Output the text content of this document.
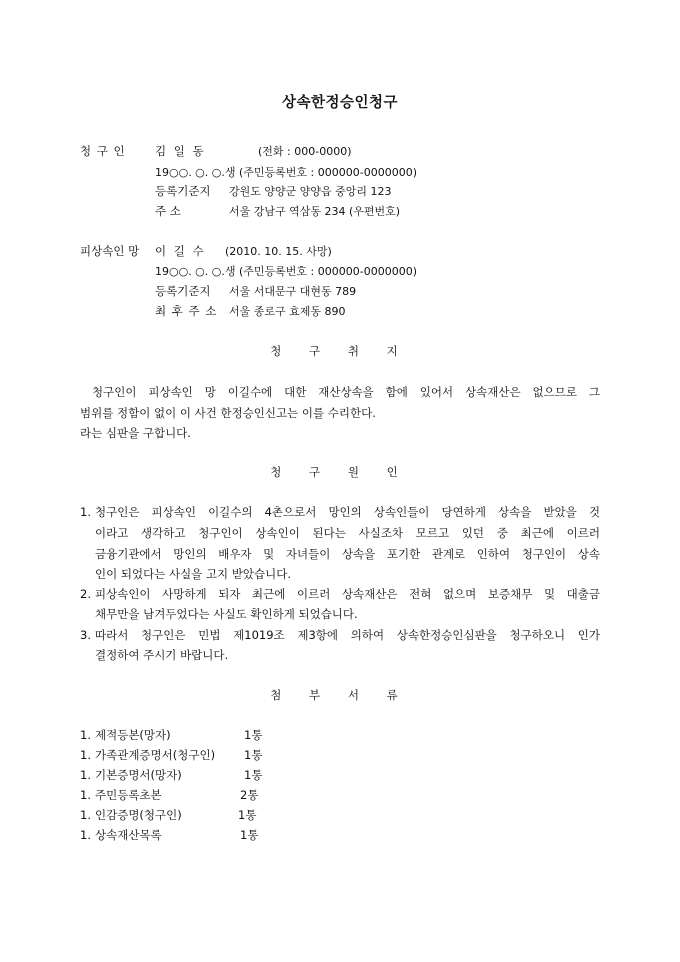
상속한정승인청구
청 구 인	김 일 동	(전화 : 000-0000)
19○○. ○. ○.생 (주민등록번호 : 000000-0000000)
등록기준지 강원도 양양군 양양읍 중앙리 123
주 소	서울 강남구 역삼동 234 (우편번호)
피상속인 망 이 길 수 (2010. 10. 15. 사망)
19○○. ○. ○.생 (주민등록번호 : 000000-0000000)
등록기준지 서울 서대문구 대현동 789
최 후 주 소 서울 종로구 효제동 890
청 구 취 지
청구인이 피상속인 망 이길수에 대한 재산상속을 함에 있어서 상속재산은 없으므로 그
범위를 정함이 없이 이 사건 한정승인신고는 이를 수리한다.
라는 심판을 구합니다.
청 구 원 인
1. 청구인은 피상속인 이길수의 4촌으로서 망인의 상속인들이 당연하게 상속을 받았을 것
이라고 생각하고 청구인이 상속인이 된다는 사실조차 모르고 있던 중 최근에 이르러
금융기관에서 망인의 배우자 및 자녀들이 상속을 포기한 관계로 인하여 청구인이 상속
인이 되었다는 사실을 고지 받았습니다.
2. 피상속인이 사망하게 되자 최근에 이르러 상속재산은 전혀 없으며 보증채무 및 대출금
채무만을 남겨두었다는 사실도 확인하게 되었습니다.
3. 따라서 청구인은 민법 제1019조 제3항에 의하여 상속한정승인심판을 청구하오니 인가
결정하여 주시기 바랍니다.
첨 부 서 류
1. 제적등본(망자)	1통
1. 가족관계증명서(청구인)	1통
1. 기본증명서(망자)	1통
1. 주민등록초본	2통
1. 인감증명(청구인)	1통
1. 상속재산목록	1통
